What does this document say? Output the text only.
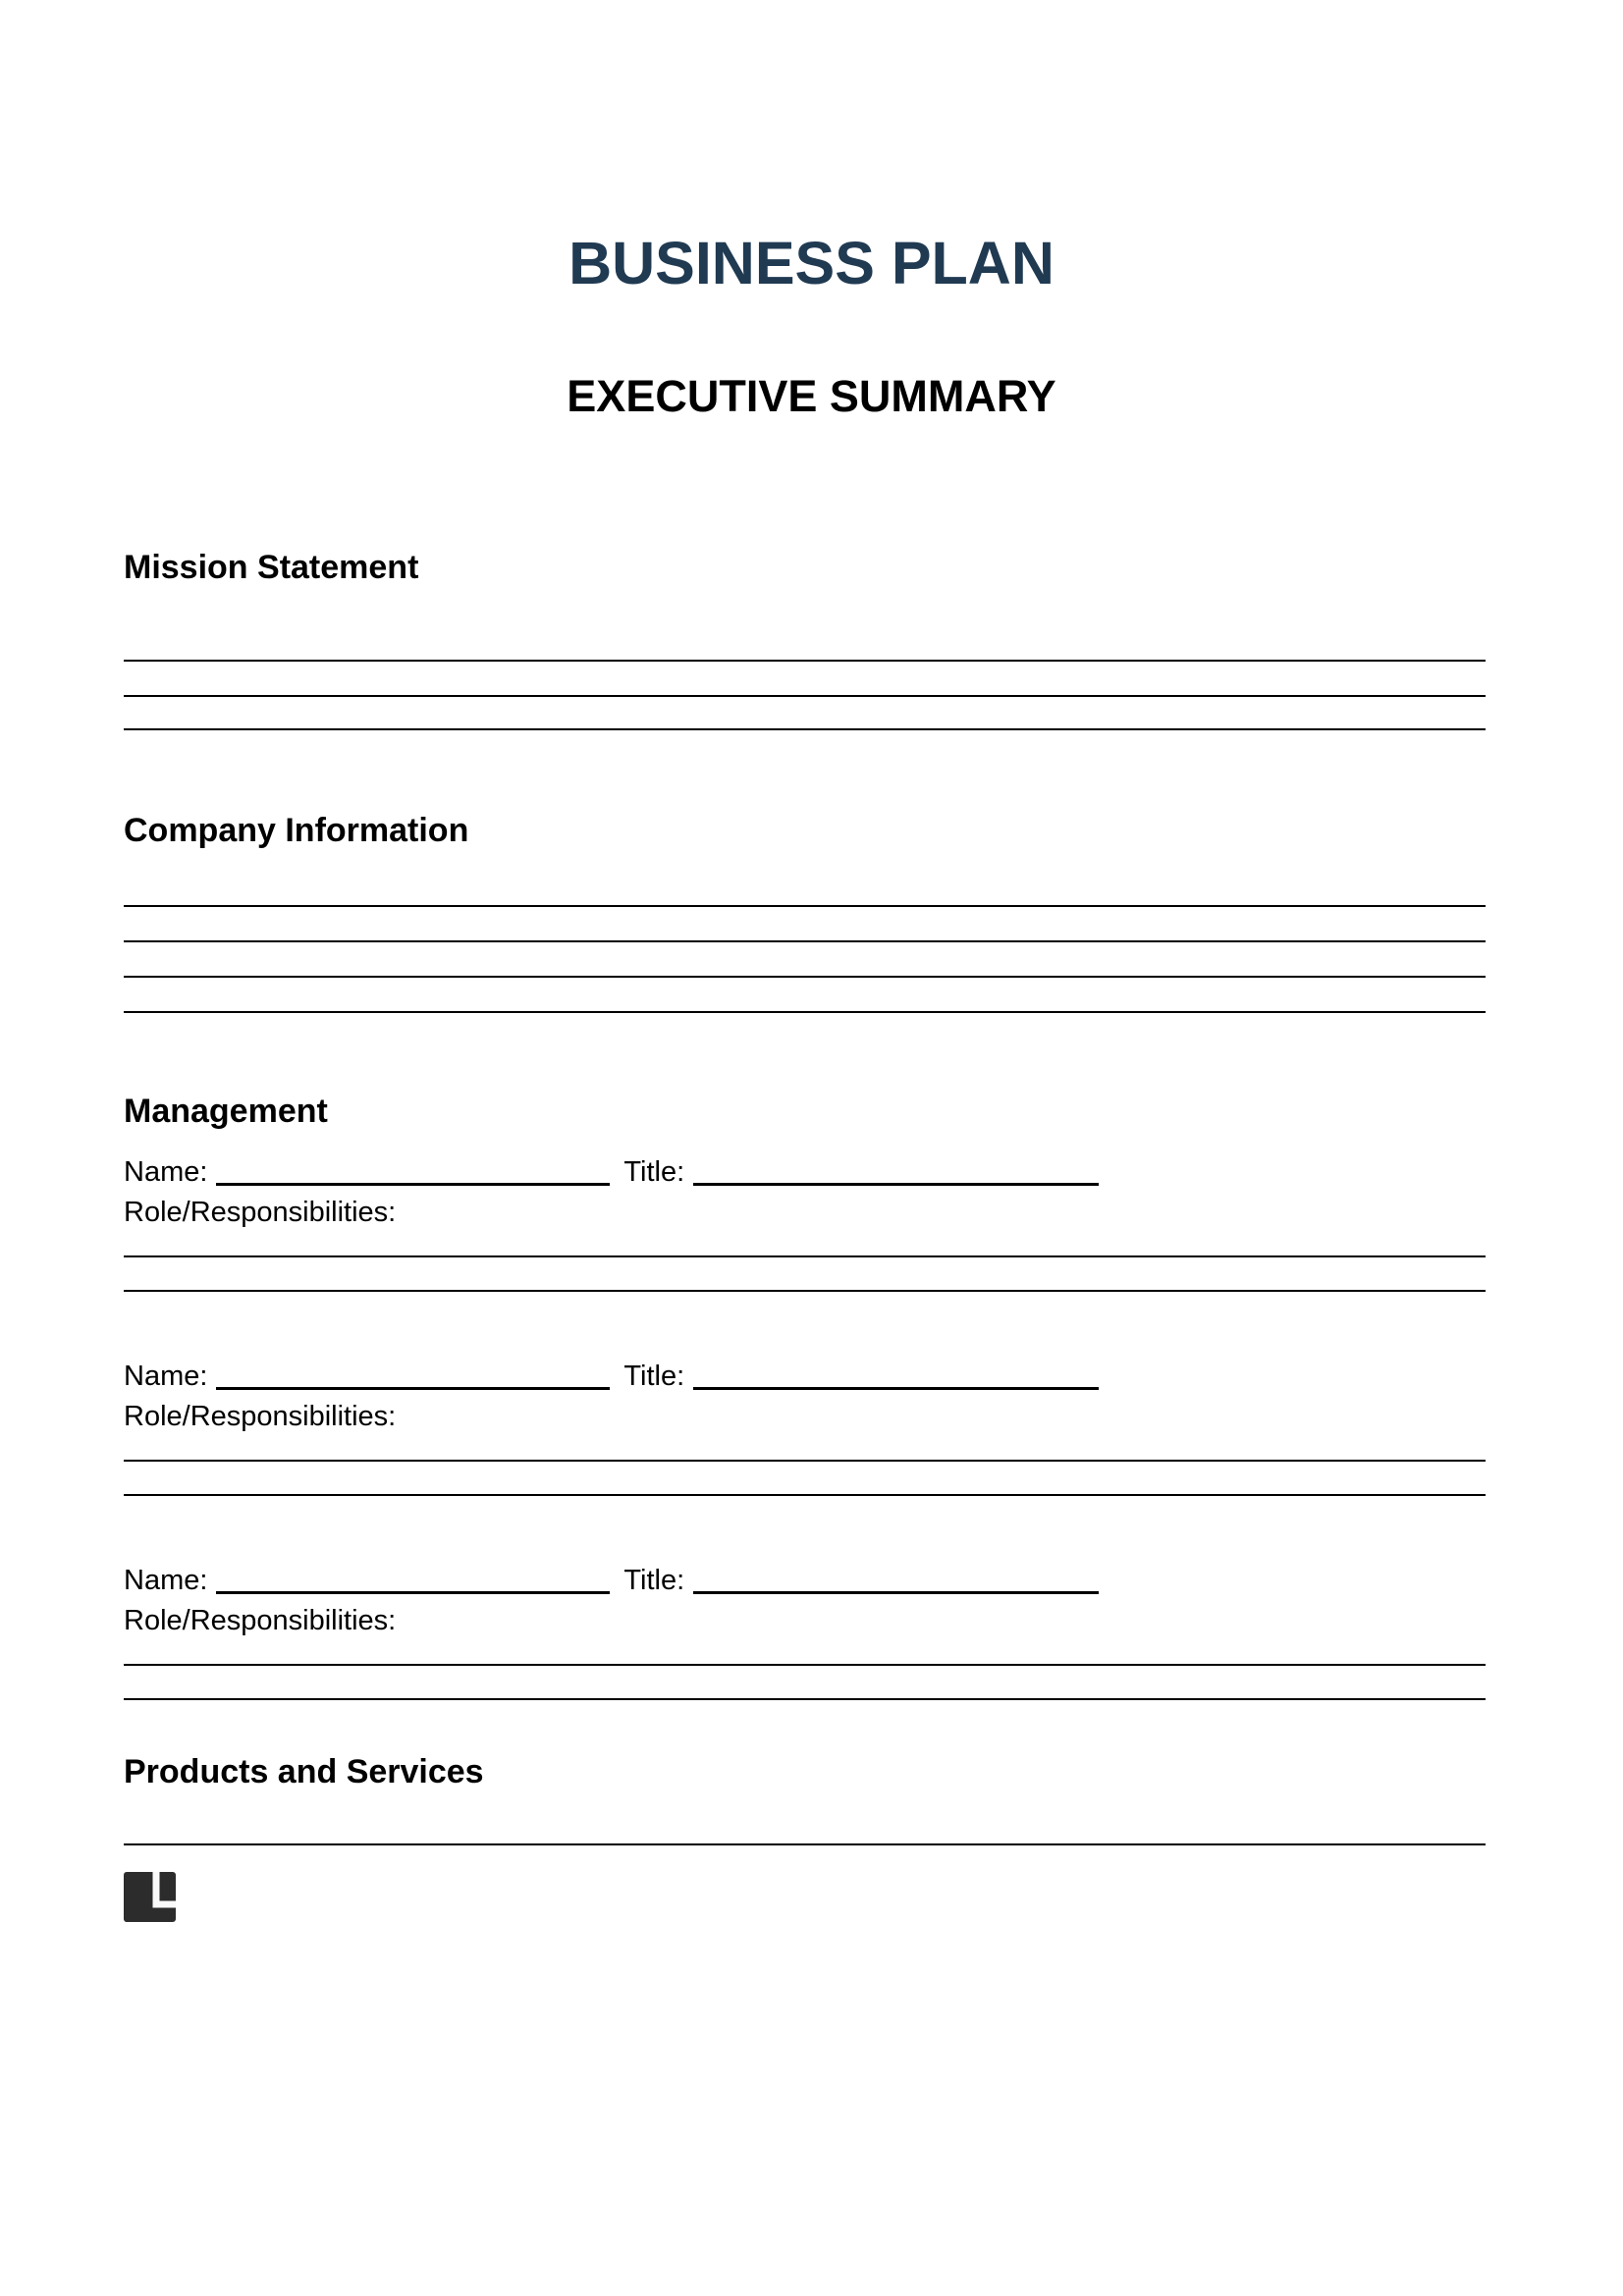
BUSINESS PLAN
EXECUTIVE SUMMARY
Mission Statement
Company Information
Management
Name:	Title:
Role/Responsibilities:
Name:	Title:
Role/Responsibilities:
Name:	Title:
Role/Responsibilities:
Products and Services
